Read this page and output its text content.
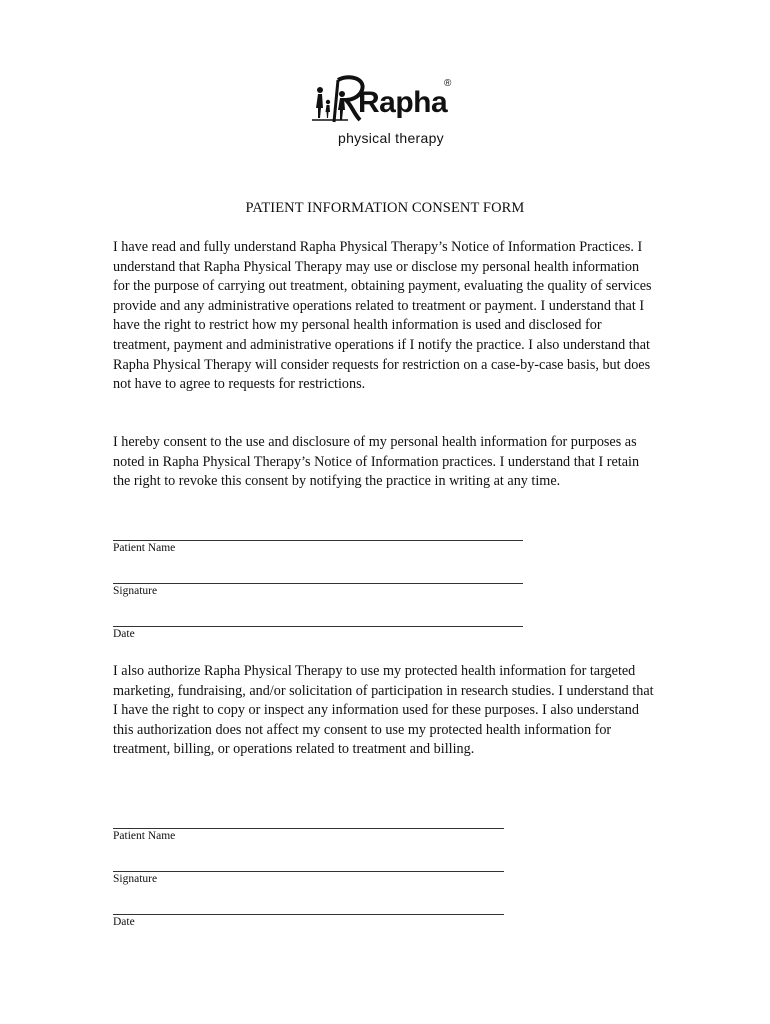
Rapha
®
physical therapy
PATIENT INFORMATION CONSENT FORM

I have read and fully understand Rapha Physical Therapy’s Notice of Information Practices. I understand that Rapha Physical Therapy may use or disclose my personal health information for the purpose of carrying out treatment, obtaining payment, evaluating the quality of services provide and any administrative operations related to treatment or payment. I understand that I have the right to restrict how my personal health information is used and disclosed for treatment, payment and administrative operations if I notify the practice. I also understand that Rapha Physical Therapy will consider requests for restriction on a case-by-case basis, but does not have to agree to requests for restrictions.

I hereby consent to the use and disclosure of my personal health information for purposes as noted in Rapha Physical Therapy’s Notice of Information practices. I understand that I retain the right to revoke this consent by notifying the practice in writing at any time.

Patient Name
Signature
Date

I also authorize Rapha Physical Therapy to use my protected health information for targeted marketing, fundraising, and/or solicitation of participation in research studies. I understand that I have the right to copy or inspect any information used for these purposes. I also understand this authorization does not affect my consent to use my protected health information for treatment, billing, or operations related to treatment and billing.

Patient Name
Signature
Date
